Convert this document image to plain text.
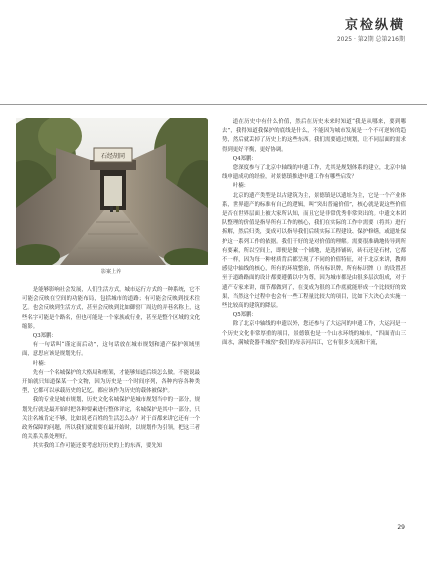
京检纵横
2025 · 第2期 总第216期
石经胡同
影案上养

是能够影响社会发展，人们生活方式，城市运行方式的一种系统，它不可能会反映在空间的功能布局，包括城市的道路；有可能会反映到技术往艺。也会反映到生活方式，甚至会反映到比如御窑厂周边的弄巷名称上，这些名字可能是个路名，但也可能是一个家族或行业，甚至是整个区域的文化缩影。

Q3郑鹏：

有一句话叫“谨定而后动”，这句话放在城市规划和遗产保护领域里面，意思应该是规划先行。

叶楠：

先有一个名城保护的大格局和框架，才能够知道后续怎么做。不能说最开始就只知道保某一个文物，因为历史是一个时间序列，各种内容各种类型，它都可以承载历史的记忆，都应该作为历史的载体被保护。

我的专业是城市规划，历史文化名城保护是城市规划当中的一部分，规划先行就是最开始时把各种要素进行整体评定，名城保护是其中一部分，只关注名城肯定不够，比如说老百姓的生活怎么办？对于首都来讲它还有一个政务保障的问题，所以我们就需要在最开始时，以规划作为引领，把这三者的关系关系处理好。

其实我的工作可能还要考虑好历史的上的东西，要先知

道在历史中有什么价值，然后在历史未来时知道“我是从哪来，要到哪去”，我得知道我保护的底线是什么，不能因为城市发展是一个不可逆转的趋势，然后就丢掉了历史上的这些东西。我们需要通过规划，让不同层面的需求得到更好平衡，更好协调。

Q4郑鹏：

您深度参与了北京中轴线的申遗工作，尤其是规划体系的建立，北京中轴线申遗成功的经验，对景德镇推进申遗工作有哪些启发？

叶楠：

北京的遗产类型是以古建筑为主，景德镇是以遗址为主，它是一个产业体系，世界遗产的标准有自己的逻辑，叫“突出普遍价值”，核心就是说这些价值是否在世界层面上被大家所认知，而且它是非常优秀非常突出的。中遗文本团队整理的价值是指导所有工作的核心，我们在实际的工作中需要（将其）进行拆解，然后归类，变成可以指导我们后续实际工程建设、保护修缮，或遗址保护这一系列工作的依据。我们干好的是对价值的理解。需要很准确地传导到所有要素，所以空间上，即便是做一个铺地，是选择铺砖，砖石还是石材，它都不一样，因为每一种材质背后都呈现了不同的价值特征，对于北京来讲，教师感觉中轴线的核心，所有的环境整治，所有标识牌，所有标识牌（）的设置甚至于道路路面的设计都要遵循以中为尊，因为城市都是由很多层次组成，对于遗产专家来讲，细节都做到了，在变成为很的工作底就能形成一个比较好的效果，当然这个过程中也会有一些工程量比较大的项目，比如下大决心去实施一些比较高的建筑的降层。

Q5郑鹏：

除了北京中轴线的申遗以外，您还参与了大运河的申遗工作，大运河是一个历史文化非常厚重的项目，景德镇也是一个山水环绕的城市，“四面青山三面水，满城瓷器半城窑”我们的母亲河昌江，它有很多支流和干流，

29
